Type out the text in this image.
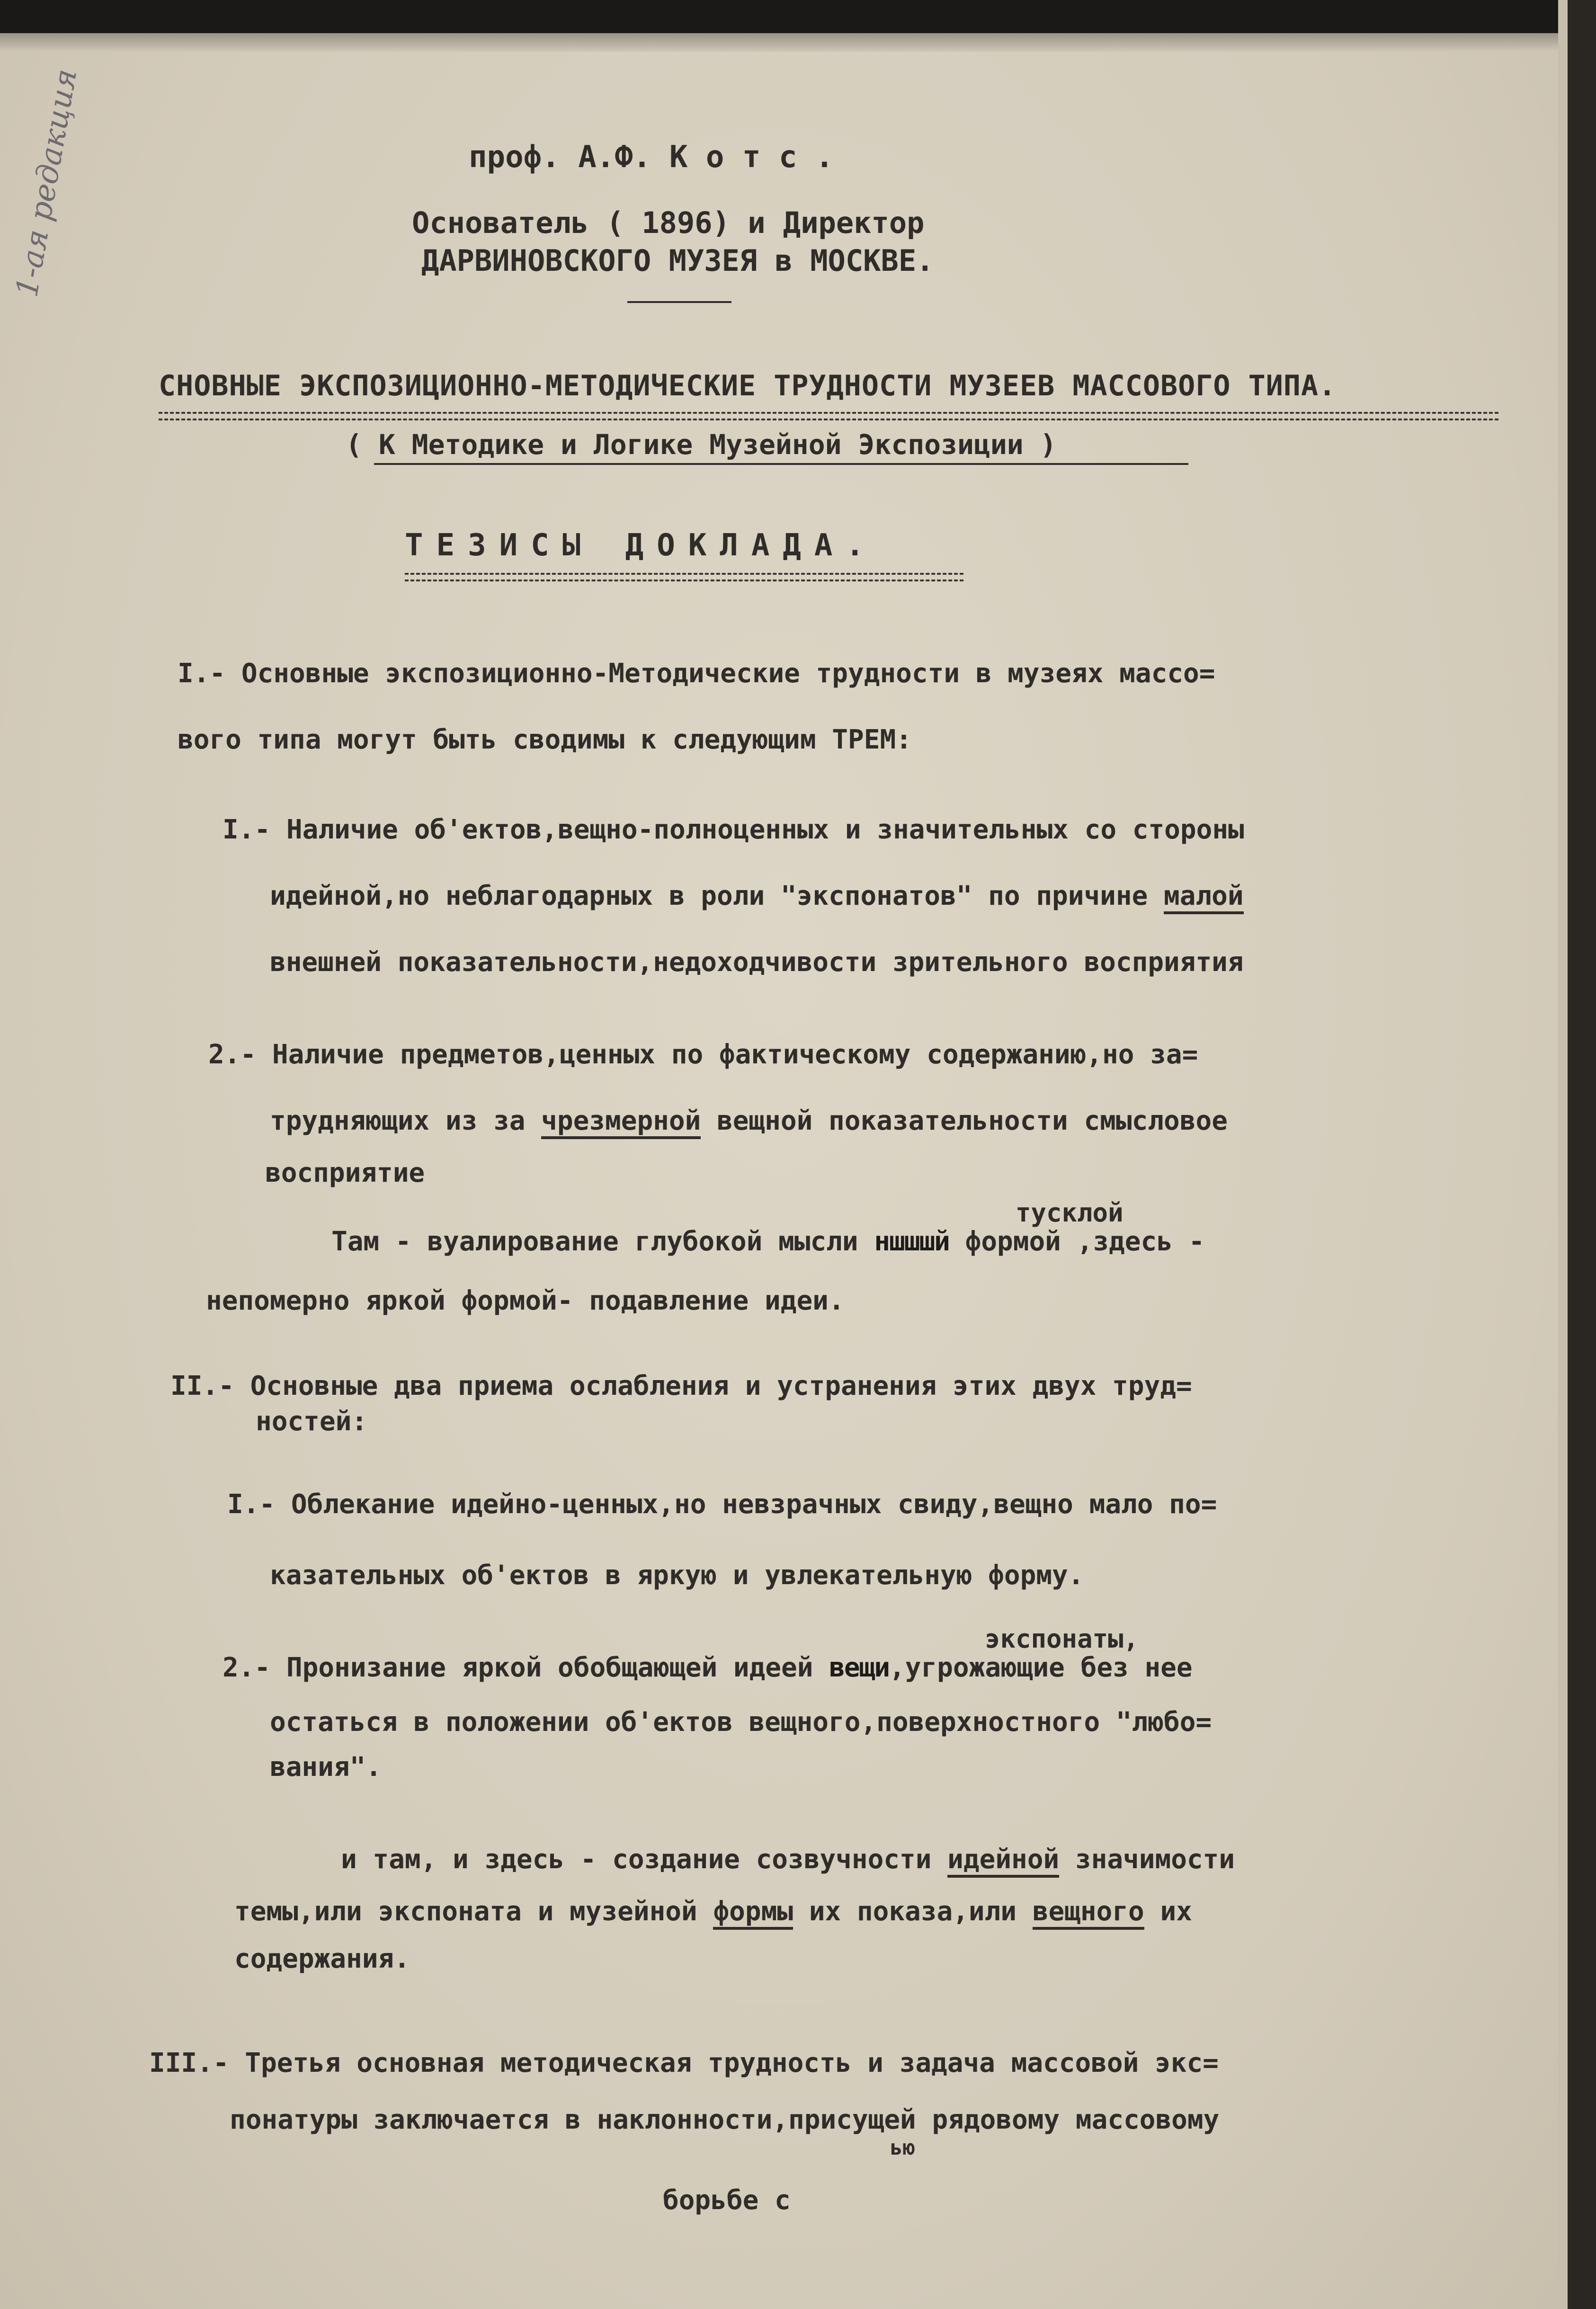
1-ая редакция	проф. А.Ф. К о т с .

Основатель ( 1896) и Директор

ДАРВИНОВСКОГО МУЗЕЯ в МОСКВЕ.

СНОВНЫЕ ЭКСПОЗИЦИОННО-МЕТОДИЧЕСКИЕ ТРУДНОСТИ МУЗЕЕВ МАССОВОГО ТИПА.

( К Методике и Логике Музейной Экспозиции )

ТЕЗИСЫ ДОКЛАДА.

I.- Основные экспозиционно-Методические трудности в музеях массо=

вого типа могут быть сводимы к следующим ТРЕМ:

I.- Наличие об'ектов,вещно-полноценных и значительных со стороны

идейной,но неблагодарных в роли "экспонатов" по причине малой

внешней показательности,недоходчивости зрительного восприятия

2.- Наличие предметов,ценных по фактическому содержанию,но за=

трудняющих из за чрезмерной вещной показательности смысловое

восприятие

тусклой

Там - вуалирование глубокой мысли ншшшй формой ,здесь -

непомерно яркой формой- подавление идеи.

II.- Основные два приема ослабления и устранения этих двух труд=

ностей:

I.- Облекание идейно-ценных,но невзрачных свиду,вещно мало по=

казательных об'ектов в яркую и увлекательную форму.

экспонаты,

2.- Пронизание яркой обобщающей идеей вещи,угрожающие без нее

остаться в положении об'ектов вещного,поверхностного "любо=

вания".

и там, и здесь - создание созвучности идейной значимости

темы,или экспоната и музейной формы их показа,или вещного их

содержания.

III.- Третья основная методическая трудность и задача массовой экс=

понатуры заключается в наклонности,присущей рядовому массовому

ью

борьбе с
